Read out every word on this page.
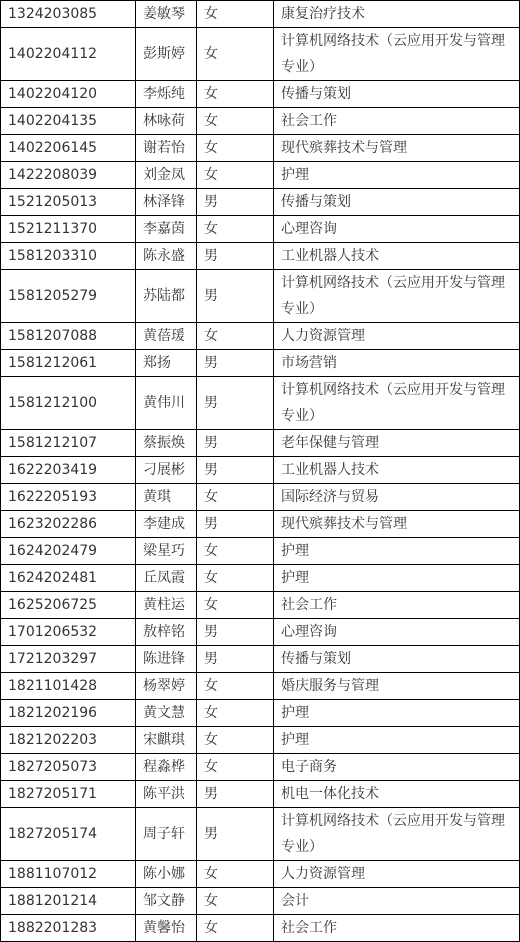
1324203085	姜敏琴	女	康复治疗技术
1402204112	彭斯婷	女	计算机网络技术（云应用开发与管理专业）
1402204120	李烁纯	女	传播与策划
1402204135	林咏荷	女	社会工作
1402206145	谢若怡	女	现代殡葬技术与管理
1422208039	刘金凤	女	护理
1521205013	林泽锋	男	传播与策划
1521211370	李嘉茵	女	心理咨询
1581203310	陈永盛	男	工业机器人技术
1581205279	苏陆都	男	计算机网络技术（云应用开发与管理专业）
1581207088	黄蓓瑗	女	人力资源管理
1581212061	郑扬	男	市场营销
1581212100	黄伟川	男	计算机网络技术（云应用开发与管理专业）
1581212107	蔡振焕	男	老年保健与管理
1622203419	刁展彬	男	工业机器人技术
1622205193	黄琪	女	国际经济与贸易
1623202286	李建成	男	现代殡葬技术与管理
1624202479	梁星巧	女	护理
1624202481	丘凤霞	女	护理
1625206725	黄柱运	女	社会工作
1701206532	敖梓铭	男	心理咨询
1721203297	陈进锋	男	传播与策划
1821101428	杨翠婷	女	婚庆服务与管理
1821202196	黄文慧	女	护理
1821202203	宋麒琪	女	护理
1827205073	程淼桦	女	电子商务
1827205171	陈平洪	男	机电一体化技术
1827205174	周子轩	男	计算机网络技术（云应用开发与管理专业）
1881107012	陈小娜	女	人力资源管理
1881201214	邹文静	女	会计
1882201283	黄馨怡	女	社会工作
